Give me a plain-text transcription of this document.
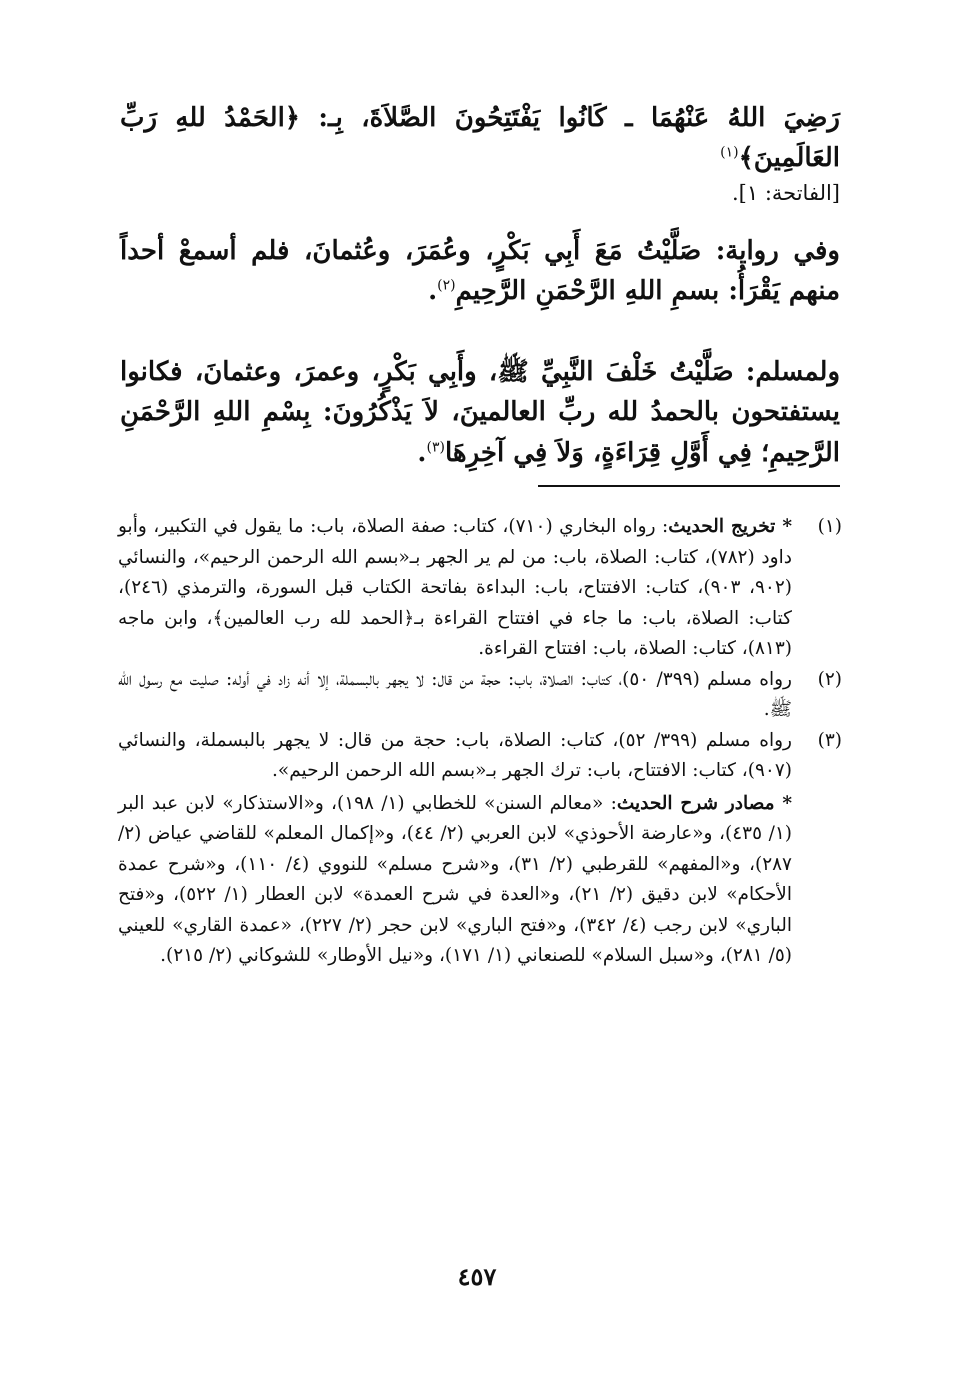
رَضِيَ اللهُ عَنْهُمَا ـ كَانُوا يَفْتَتِحُونَ الصَّلاَةَ، بِـ: ﴿الحَمْدُ للهِ رَبِّ العَالَمِينَ﴾$^{(١)}$
[الفاتحة: ١].

وفي رواية: صَلَّيْتُ مَعَ أَبِي بَكْرٍ، وعُمَرَ، وعُثمانَ، فلم أسمعْ أحداً منهم يَقْرَأُ: بسمِ اللهِ الرَّحْمَنِ الرَّحِيمِ$^{(٢)}$.

ولمسلم: صَلَّيْتُ خَلْفَ النَّبِيِّ ﷺ، وأَبِي بَكْرٍ، وعمرَ، وعثمانَ، فكانوا يستفتحون بالحمدُ لله ربِّ العالمينَ، لاَ يَذْكُرُونَ: بِسْمِ اللهِ الرَّحْمَنِ الرَّحِيمِ؛ فِي أَوَّلِ قِرَاءَةٍ، وَلاَ فِي آخِرِهَا$^{(٣)}$.

(١)
* تخريج الحديث: رواه البخاري (٧١٠)، كتاب: صفة الصلاة، باب: ما يقول في التكبير، وأبو داود (٧٨٢)، كتاب: الصلاة، باب: من لم ير الجهر بـ«بسم الله الرحمن الرحيم»، والنسائي (٩٠٢، ٩٠٣)، كتاب: الافتتاح، باب: البداءة بفاتحة الكتاب قبل السورة، والترمذي (٢٤٦)، كتاب: الصلاة، باب: ما جاء في افتتاح القراءة بـ﴿الحمد لله رب العالمين﴾، وابن ماجه (٨١٣)، كتاب: الصلاة، باب: افتتاح القراءة.
(٢)
رواه مسلم (٣٩٩/ ٥٠)، كتاب: الصلاة، باب: حجة من قال: لا يجهر بالبسملة، إلا أنه زاد في أوله: صليت مع رسول الله ﷺ.
(٣)
رواه مسلم (٣٩٩/ ٥٢)، كتاب: الصلاة، باب: حجة من قال: لا يجهر بالبسملة، والنسائي (٩٠٧)، كتاب: الافتتاح، باب: ترك الجهر بـ«بسم الله الرحمن الرحيم».
* مصادر شرح الحديث: «معالم السنن» للخطابي (١/ ١٩٨)، و«الاستذكار» لابن عبد البر (١/ ٤٣٥)، و«عارضة الأحوذي» لابن العربي (٢/ ٤٤)، و«إكمال المعلم» للقاضي عياض (٢/ ٢٨٧)، و«المفهم» للقرطبي (٢/ ٣١)، و«شرح مسلم» للنووي (٤/ ١١٠)، و«شرح عمدة الأحكام» لابن دقيق (٢/ ٢١)، و«العدة في شرح العمدة» لابن العطار (١/ ٥٢٢)، و«فتح الباري» لابن رجب (٤/ ٣٤٢)، و«فتح الباري» لابن حجر (٢/ ٢٢٧)، «عمدة القاري» للعيني (٥/ ٢٨١)، و«سبل السلام» للصنعاني (١/ ١٧١)، و«نيل الأوطار» للشوكاني (٢/ ٢١٥).
٤٥٧
